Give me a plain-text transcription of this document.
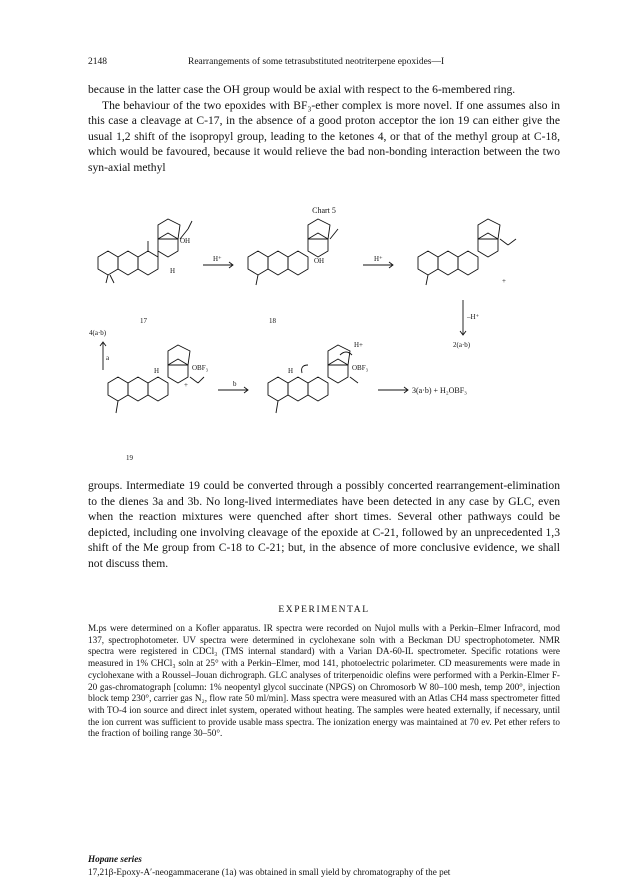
2148	Rearrangements of some tetrasubstituted neotriterpene epoxides—I

because in the latter case the OH group would be axial with respect to the 6-membered ring.

The behaviour of the two epoxides with BF₃-ether complex is more novel. If one assumes also in this case a cleavage at C-17, in the absence of a good proton acceptor the ion 19 can either give the usual 1,2 shift of the isopropyl group, leading to the ketones 4, or that of the methyl group at C-18, which would be favoured, because it would relieve the bad non-bonding interaction between the two syn-axial methyl

Chart 5
OH
H
H⁺	OH	H⁺
–H⁺
17	18
4(a·b)
2(a·b)
a
b
OBF₃	OBF₃
H+
H	H
+
+
3(a·b) + H₂OBF₃
19

groups. Intermediate 19 could be converted through a possibly concerted rearrangement-elimination to the dienes 3a and 3b. No long-lived intermediates have been detected in any case by GLC, even when the reaction mixtures were quenched after short times. Several other pathways could be depicted, including one involving cleavage of the epoxide at C-21, followed by an unprecedented 1,3 shift of the Me group from C-18 to C-21; but, in the absence of more conclusive evidence, we shall not discuss them.

EXPERIMENTAL

M.ps were determined on a Kofler apparatus. IR spectra were recorded on Nujol mulls with a Perkin–Elmer Infracord, mod 137, spectrophotometer. UV spectra were determined in cyclohexane soln with a Beckman DU spectrophotometer. NMR spectra were registered in CDCl₃ (TMS internal standard) with a Varian DA-60-IL spectrometer. Specific rotations were measured in 1% CHCl₃ soln at 25° with a Perkin–Elmer, mod 141, photoelectric polarimeter. CD measurements were made in cyclohexane with a Roussel–Jouan dichrograph. GLC analyses of triterpenoidic olefins were performed with a Perkin-Elmer F-20 gas-chromatograph [column: 1% neopentyl glycol succinate (NPGS) on Chromosorb W 80–100 mesh, temp 200°, injection block temp 230°, carrier gas N₂, flow rate 50 ml/min]. Mass spectra were measured with an Atlas CH4 mass spectrometer fitted with TO-4 ion source and direct inlet system, operated without heating. The samples were heated externally, if necessary, until the ion current was sufficient to provide usable mass spectra. The ionization energy was maintained at 70 ev. Pet ether refers to the fraction of boiling range 30–50°.

Hopane series

17,21β-Epoxy-A′-neogammacerane (1a) was obtained in small yield by chromatography of the pet
